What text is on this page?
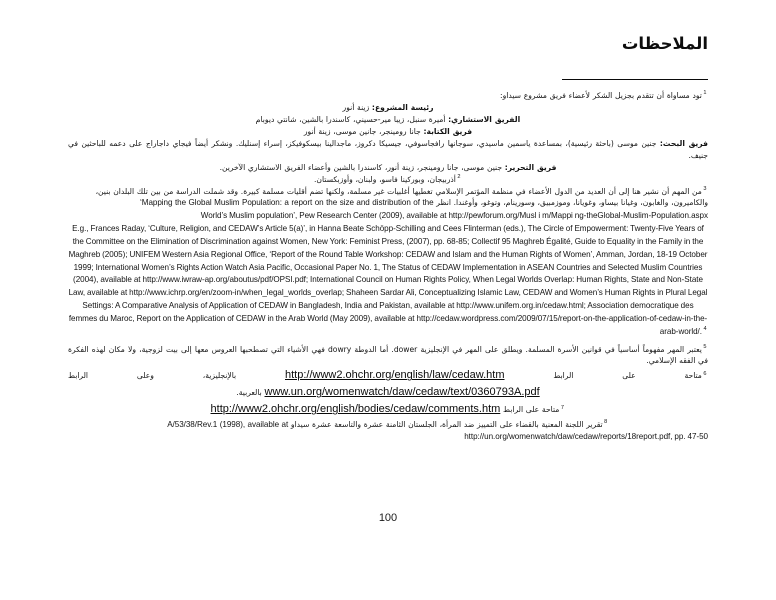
الملاحظات

$^1$تود مساواة أن تتقدم بجزيل الشكر لأعضاء فريق مشروع سيداو:

رئيسة المشروع: زينة أنور

الفريق الاستشاري: أميرة سنبل، زيبا مير-حسيني، كاسندرا بالشين، شانتي ديوبام

فريق الكتابة: جانا رومينجر، جانين موسى، زينة أنور

فريق البحث: جنين موسى (باحثة رئيسية)، بمساعدة ياسمين ماسيدي، سوجانها رافجاسوفي، جيسيكا دكروز، ماجدالينا بيسكوفيكز، إسراء إسنليك. ونشكر أيضاً فيجاي داجاراج على دعمه للباحثين في جنيف.

فريق التحرير: جنين موسى، جانا رومينجر، زينة أنور، كاسندرا بالشين وأعضاء الفريق الاستشاري الآخرين.

$^2$أذربيجان، وبوركينا فاسو، ولبنان، وأوزبكستان.

$^3$من المهم أن نشير هنا إلى أن العديد من الدول الأعضاء في منظمة المؤتمر الإسلامي تغطيها أغلبيات غير مسلمة، ولكنها تضم أقليات مسلمة كبيرة. وقد شملت الدراسة من بين تلك البلدان بنين، والكاميرون، والغابون، وغيانا بيساو، وغويانا، وموزمبيق، وسورينام، وتوغو، وأوغندا. انظر ‘Mapping the Global Muslim Population: a report on the size and distribution of the

World’s Muslim population’, Pew Research Center (2009), available at http://pewforum.org/Musl i m/Mappi ng-theGlobal-Muslim-Population.aspx

E.g., Frances Raday, ‘Culture, Religion, and CEDAW’s Article 5(a)’, in Hanna Beate Schöpp-Schilling and Cees Flinterman (eds.), The Circle of Empowerment: Twenty-Five Years of the Committee on the Elimination of Discrimination against Women, New York: Feminist Press, (2007), pp. 68-85; Collectif 95 Maghreb Égalité, Guide to Equality in the Family in the Maghreb (2005); UNIFEM Western Asia Regional Office, ‘Report of the Round Table Workshop: CEDAW and Islam and the Human Rights of Women’, Amman, Jordan, 18-19 October 1999; International Women’s Rights Action Watch Asia Pacific, Occasional Paper No. 1, The Status of CEDAW Implementation in ASEAN Countries and Selected Muslim Countries (2004), available at http://www.iwraw-ap.org/aboutus/pdf/OPSI.pdf; International Council on Human Rights Policy, When Legal Worlds Overlap: Human Rights, State and Non-State Law, available at http://www.ichrp.org/en/zoom-in/when_legal_worlds_overlap; Shaheen Sardar Ali, Conceptualizing Islamic Law, CEDAW and Women’s Human Rights in Plural Legal Settings: A Comparative Analysis of Application of CEDAW in Bangladesh, India and Pakistan, available at http://www.unifem.org.in/cedaw.html; Association democratique des femmes du Maroc, Report on the Application of CEDAW in the Arab World (May 2009), available at http://cedaw.wordpress.com/2009/07/15/report-on-the-application-of-cedaw-in-the-arab-world/. $^4$

$^5$يعتبر المهر مفهوماً أساسياً في قوانين الأسرة المسلمة. ويطلق على المهر في الإنجليزية dower. أما الدوطة dowry فهي الأشياء التي تصطحبها العروس معها إلى بيت لزوجية، ولا مكان لهذه الفكرة في الفقه الإسلامي.

$^6$متاحة على الرابط http://www2.ohchr.org/english/law/cedaw.htm بالإنجليزية، وعلى الرابط www.un.org/womenwatch/daw/cedaw/text/0360793A.pdf بالعربية.

$^7$متاحة على الرابط http://www2.ohchr.org/english/bodies/cedaw/comments.htm

$^8$تقرير اللجنة المعنية بالقضاء على التمييز ضد المرأة، الجلستان الثامنة عشرة والتاسعة عشرة سيداو A/53/38/Rev.1 (1998), available at

http://un.org/womenwatch/daw/cedaw/reports/18report.pdf, pp. 47-50

100
